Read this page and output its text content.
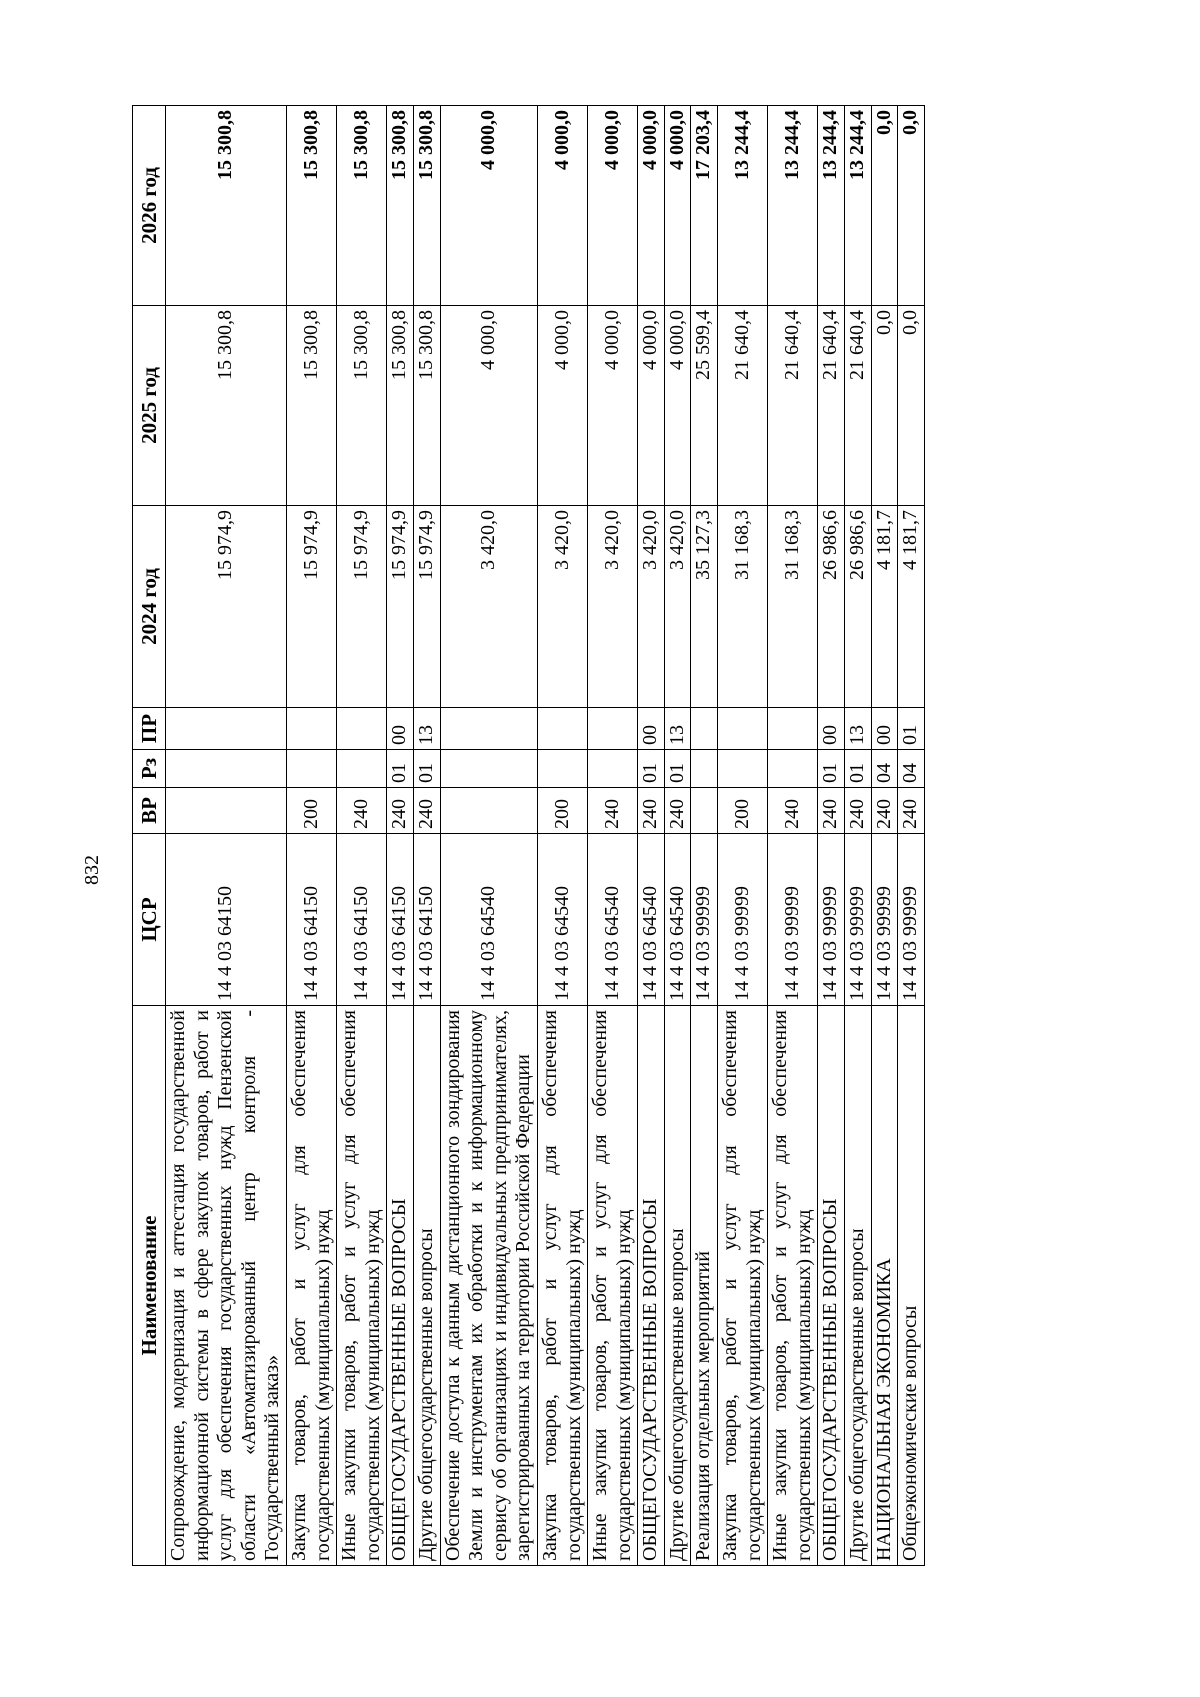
832
Наименование	ЦСР	ВР	Рз	ПР	2024 год	2025 год	2026 год
Сопровождение, модернизация и аттестация государственной информационной системы в сфере закупок товаров, работ и услуг для обеспечения государственных нужд Пензенской области «Автоматизированный центр контроля - Государственный заказ»	14 4 03 64150				15 974,9	15 300,8	15 300,8
Закупка товаров, работ и услуг для обеспечения государственных (муниципальных) нужд	14 4 03 64150	200			15 974,9	15 300,8	15 300,8
Иные закупки товаров, работ и услуг для обеспечения государственных (муниципальных) нужд	14 4 03 64150	240			15 974,9	15 300,8	15 300,8
ОБЩЕГОСУДАРСТВЕННЫЕ ВОПРОСЫ	14 4 03 64150	240	01	00	15 974,9	15 300,8	15 300,8
Другие общегосударственные вопросы	14 4 03 64150	240	01	13	15 974,9	15 300,8	15 300,8
Обеспечение доступа к данным дистанционного зондирования Земли и инструментам их обработки и к информационному сервису об организациях и индивидуальных предпринимателях, зарегистрированных на территории Российской Федерации	14 4 03 64540				3 420,0	4 000,0	4 000,0
Закупка товаров, работ и услуг для обеспечения государственных (муниципальных) нужд	14 4 03 64540	200			3 420,0	4 000,0	4 000,0
Иные закупки товаров, работ и услуг для обеспечения государственных (муниципальных) нужд	14 4 03 64540	240			3 420,0	4 000,0	4 000,0
ОБЩЕГОСУДАРСТВЕННЫЕ ВОПРОСЫ	14 4 03 64540	240	01	00	3 420,0	4 000,0	4 000,0
Другие общегосударственные вопросы	14 4 03 64540	240	01	13	3 420,0	4 000,0	4 000,0
Реализация отдельных мероприятий	14 4 03 99999				35 127,3	25 599,4	17 203,4
Закупка товаров, работ и услуг для обеспечения государственных (муниципальных) нужд	14 4 03 99999	200			31 168,3	21 640,4	13 244,4
Иные закупки товаров, работ и услуг для обеспечения государственных (муниципальных) нужд	14 4 03 99999	240			31 168,3	21 640,4	13 244,4
ОБЩЕГОСУДАРСТВЕННЫЕ ВОПРОСЫ	14 4 03 99999	240	01	00	26 986,6	21 640,4	13 244,4
Другие общегосударственные вопросы	14 4 03 99999	240	01	13	26 986,6	21 640,4	13 244,4
НАЦИОНАЛЬНАЯ ЭКОНОМИКА	14 4 03 99999	240	04	00	4 181,7	0,0	0,0
Общеэкономические вопросы	14 4 03 99999	240	04	01	4 181,7	0,0	0,0
